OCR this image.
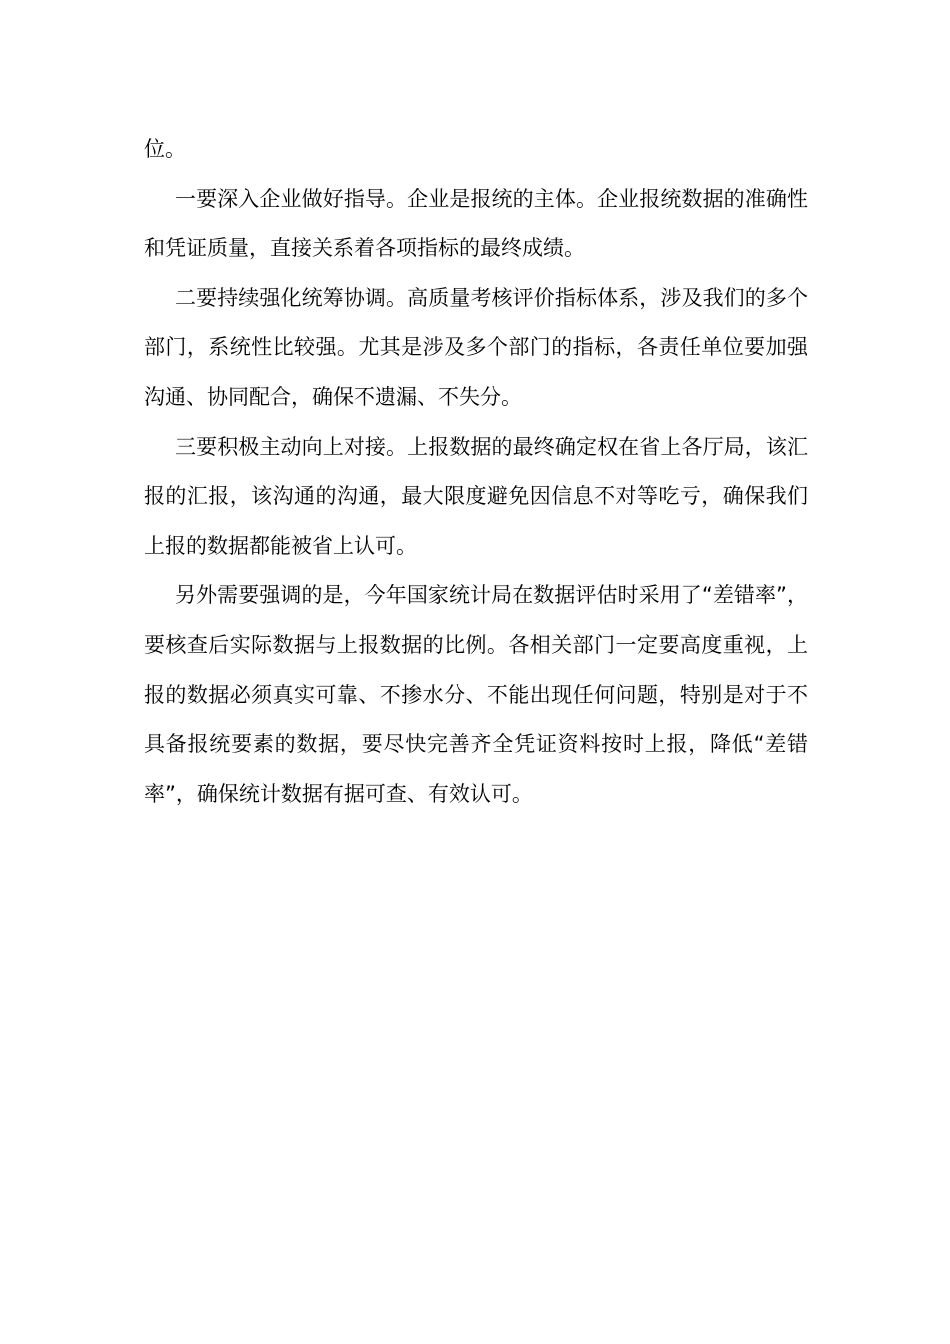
位。

一要深入企业做好指导。企业是报统的主体。企业报统数据的准确性和凭证质量，直接关系着各项指标的最终成绩。

二要持续强化统筹协调。高质量考核评价指标体系，涉及我们的多个部门，系统性比较强。尤其是涉及多个部门的指标，各责任单位要加强沟通、协同配合，确保不遗漏、不失分。

三要积极主动向上对接。上报数据的最终确定权在省上各厅局，该汇报的汇报，该沟通的沟通，最大限度避免因信息不对等吃亏，确保我们上报的数据都能被省上认可。

另外需要强调的是，今年国家统计局在数据评估时采用了“差错率”，要核查后实际数据与上报数据的比例。各相关部门一定要高度重视，上报的数据必须真实可靠、不掺水分、不能出现任何问题，特别是对于不具备报统要素的数据，要尽快完善齐全凭证资料按时上报，降低“差错率”，确保统计数据有据可查、有效认可。
